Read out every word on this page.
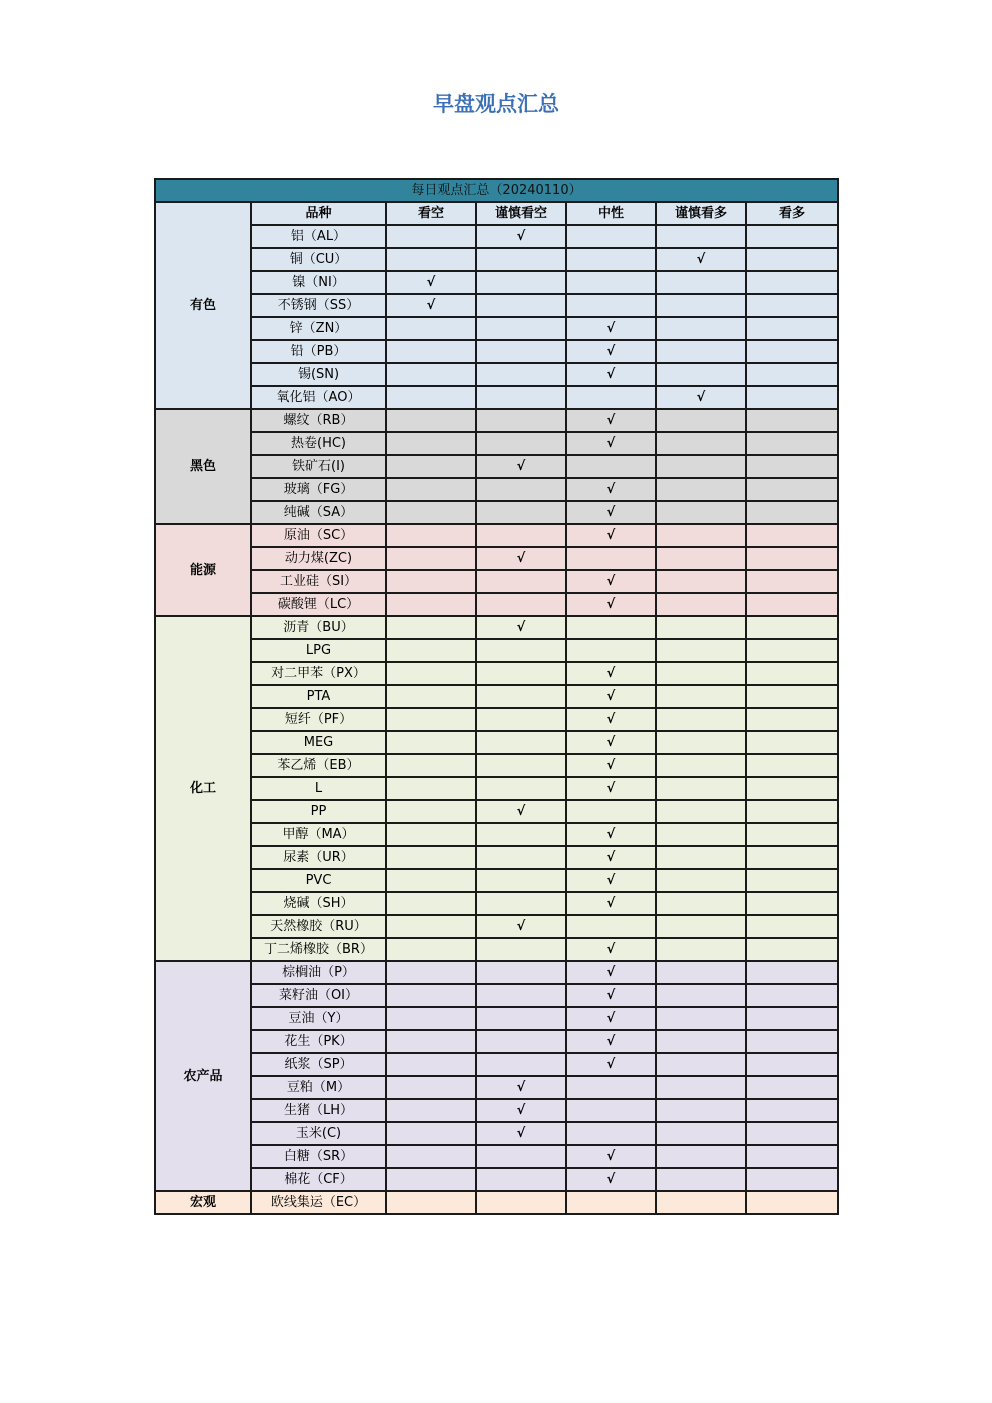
早盘观点汇总
每日观点汇总（20240110）						
有色	品种	看空	谨慎看空	中性	谨慎看多	看多
	铝（AL）		√			
	铜（CU）				√	
	镍（NI）	√				
	不锈钢（SS）	√				
	锌（ZN）			√		
	铅（PB）			√		
	锡(SN)			√		
	氧化铝（AO）				√	
黑色	螺纹（RB）			√		
	热卷(HC)			√		
	铁矿石(I)		√			
	玻璃（FG）			√		
	纯碱（SA）			√		
能源	原油（SC）			√		
	动力煤(ZC)		√			
	工业硅（SI）			√		
	碳酸锂（LC）			√		
化工	沥青（BU）		√			
	LPG					
	对二甲苯（PX）			√		
	PTA			√		
	短纤（PF）			√		
	MEG			√		
	苯乙烯（EB）			√		
	L			√		
	PP		√			
	甲醇（MA）			√		
	尿素（UR）			√		
	PVC			√		
	烧碱（SH）			√		
	天然橡胶（RU）		√			
	丁二烯橡胶（BR）			√		
农产品	棕榈油（P）			√		
	菜籽油（OI）			√		
	豆油（Y）			√		
	花生（PK）			√		
	纸浆（SP）			√		
	豆粕（M）		√			
	生猪（LH）		√			
	玉米(C)		√			
	白糖（SR）			√		
	棉花（CF）			√		
宏观	欧线集运（EC）					
